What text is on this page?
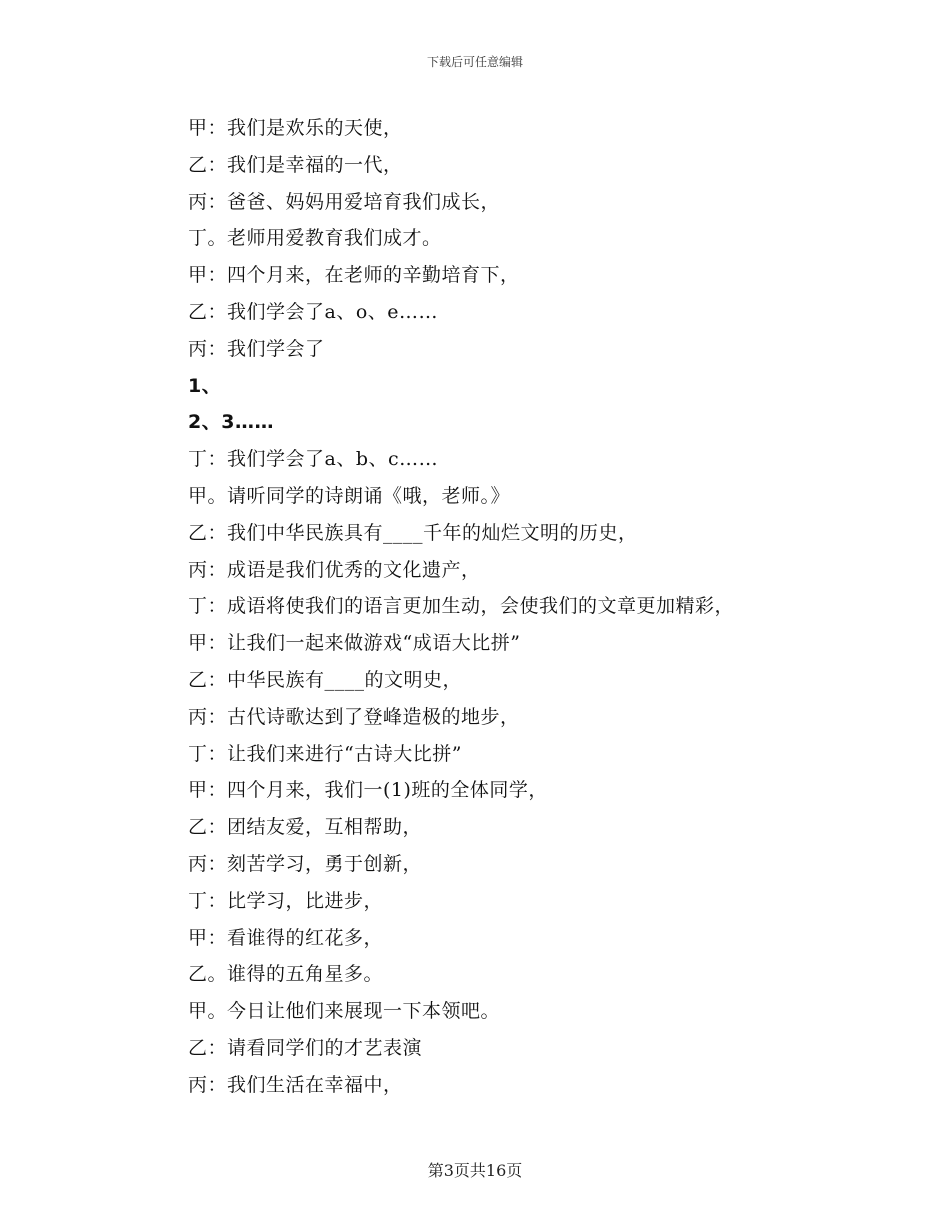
下载后可任意编辑
甲：我们是欢乐的天使，
乙：我们是幸福的一代，
丙：爸爸、妈妈用爱培育我们成长，
丁。老师用爱教育我们成才。
甲：四个月来，在老师的辛勤培育下，
乙：我们学会了a、o、e……
丙：我们学会了
1、
2、3……
丁：我们学会了a、b、c……
甲。请听同学的诗朗诵《哦，老师。》
乙：我们中华民族具有____千年的灿烂文明的历史，
丙：成语是我们优秀的文化遗产，
丁：成语将使我们的语言更加生动，会使我们的文章更加精彩，
甲：让我们一起来做游戏“成语大比拼”
乙：中华民族有____的文明史，
丙：古代诗歌达到了登峰造极的地步，
丁：让我们来进行“古诗大比拼”
甲：四个月来，我们一(1)班的全体同学，
乙：团结友爱，互相帮助，
丙：刻苦学习，勇于创新，
丁：比学习，比进步，
甲：看谁得的红花多，
乙。谁得的五角星多。
甲。今日让他们来展现一下本领吧。
乙：请看同学们的才艺表演
丙：我们生活在幸福中，
第3页共16页
